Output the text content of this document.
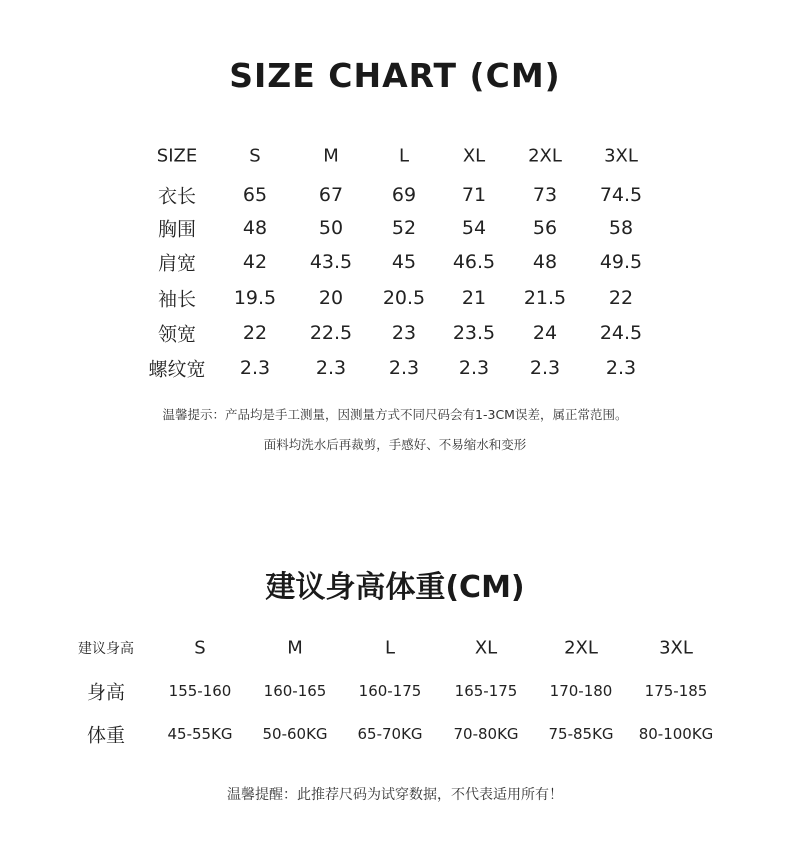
SIZE CHART (CM)
SIZE	S	M	L	XL 2XL 3XL
衣长 65	67	69 71 73 74.5
胸围 48	50	52 54 56	58
肩宽 42 43.5 45 46.5 48 49.5
袖长 19.5 20 20.5 21 21.5 22
领宽 22 22.5 23 23.5 24 24.5
螺纹宽 2.3 2.3 2.3 2.3 2.3 2.3
温馨提示：产品均是手工测量，因测量方式不同尺码会有1-3CM误差，属正常范围。
面料均洗水后再裁剪，手感好、不易缩水和变形
建议身高体重(CM)
建议身高	S	M	L	XL	2XL	3XL
身高	155-160 160-165 160-175 165-175 170-180 175-185
体重	45-55KG 50-60KG 65-70KG 70-80KG 75-85KG 80-100KG
温馨提醒：此推荐尺码为试穿数据，不代表适用所有！
